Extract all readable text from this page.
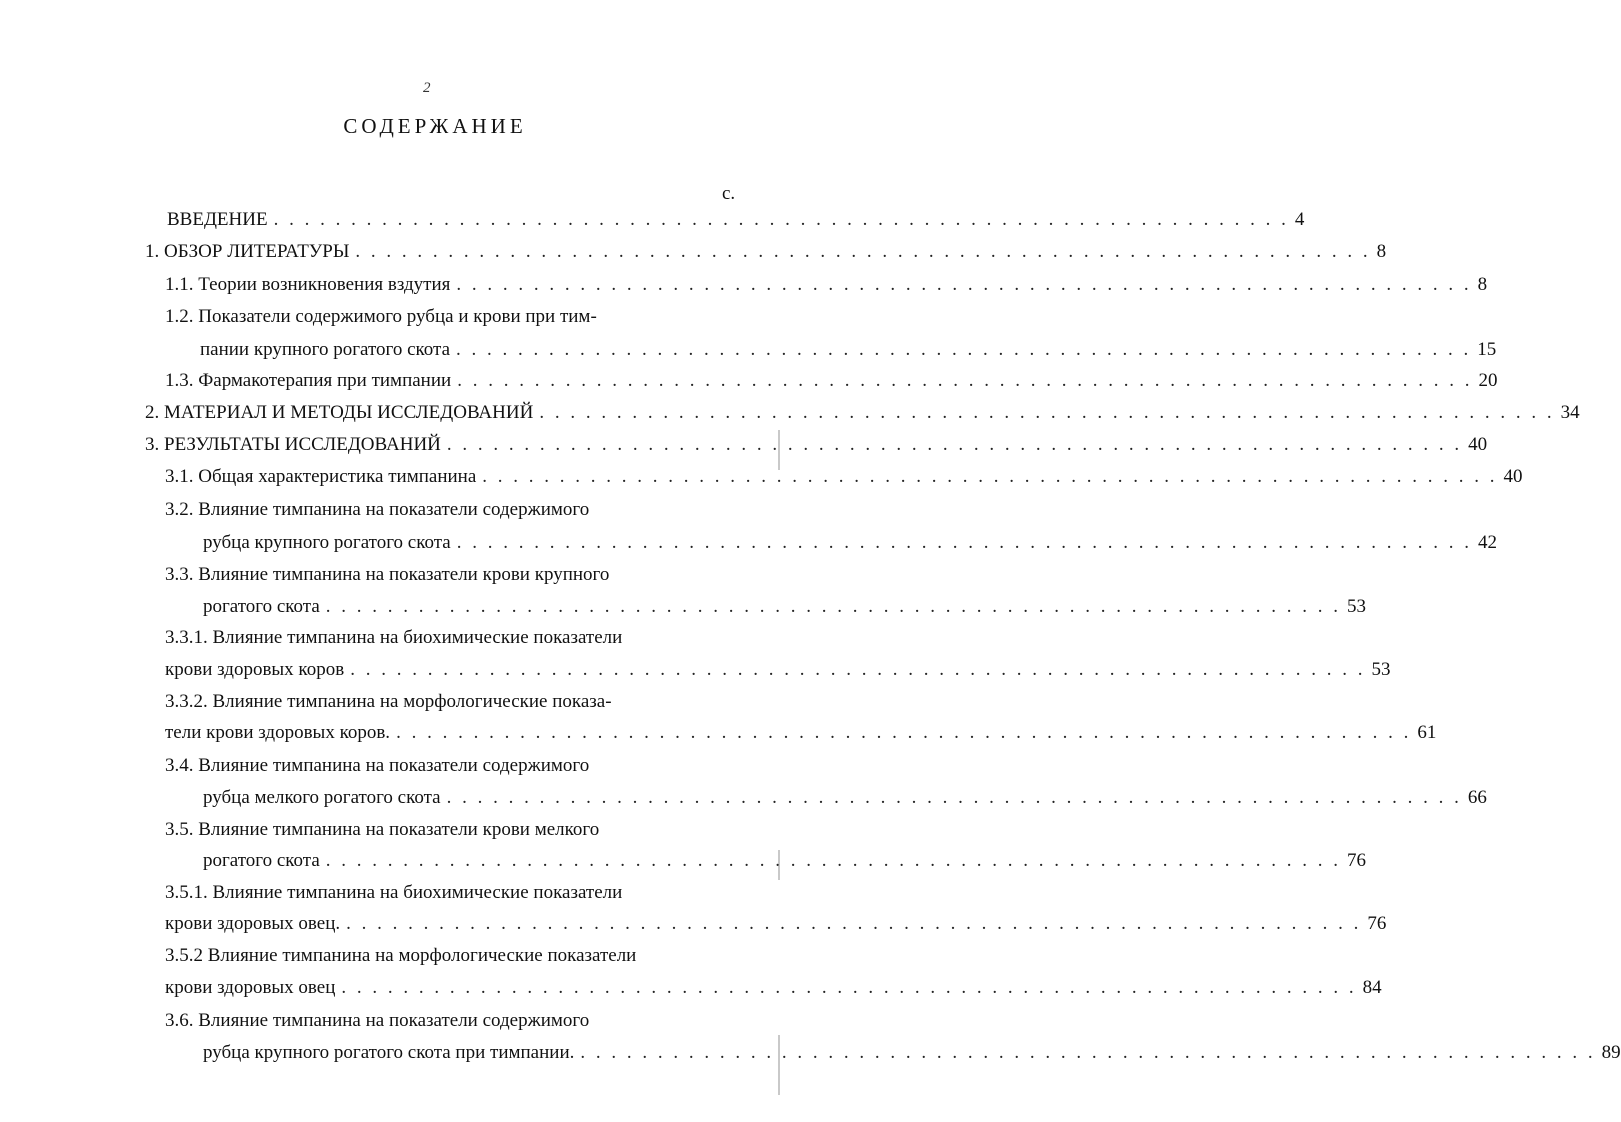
2
СОДЕРЖАНИЕ
с.
ВВЕДЕНИЕ . . . . . . . . . . . . . . . . . . . . . . . . . . . . . . . . . . . . . . . . . . . . . . . . . . . . . . . . . . . . . . . . . . 4
1. ОБЗОР ЛИТЕРАТУРЫ . . . . . . . . . . . . . . . . . . . . . . . . . . . . . . . . . . . . . . . . . . . . . . . . . . . . . . . . . . . . . . . . . . 8
1.1. Теории возникновения вздутия . . . . . . . . . . . . . . . . . . . . . . . . . . . . . . . . . . . . . . . . . . . . . . . . . . . . . . . . . . . . . . . . . . 8
1.2. Показатели содержимого рубца и крови при тим-
пании крупного рогатого скота . . . . . . . . . . . . . . . . . . . . . . . . . . . . . . . . . . . . . . . . . . . . . . . . . . . . . . . . . . . . . . . . . . 15
1.3. Фармакотерапия при тимпании . . . . . . . . . . . . . . . . . . . . . . . . . . . . . . . . . . . . . . . . . . . . . . . . . . . . . . . . . . . . . . . . . . 20
2. МАТЕРИАЛ И МЕТОДЫ ИССЛЕДОВАНИЙ . . . . . . . . . . . . . . . . . . . . . . . . . . . . . . . . . . . . . . . . . . . . . . . . . . . . . . . . . . . . . . . . . . 34
3. РЕЗУЛЬТАТЫ ИССЛЕДОВАНИЙ . . . . . . . . . . . . . . . . . . . . . . . . . . . . . . . . . . . . . . . . . . . . . . . . . . . . . . . . . . . . . . . . . . 40
3.1. Общая характеристика тимпанина . . . . . . . . . . . . . . . . . . . . . . . . . . . . . . . . . . . . . . . . . . . . . . . . . . . . . . . . . . . . . . . . . . 40
3.2. Влияние тимпанина на показатели содержимого
рубца крупного рогатого скота . . . . . . . . . . . . . . . . . . . . . . . . . . . . . . . . . . . . . . . . . . . . . . . . . . . . . . . . . . . . . . . . . . 42
3.3. Влияние тимпанина на показатели крови крупного
рогатого скота . . . . . . . . . . . . . . . . . . . . . . . . . . . . . . . . . . . . . . . . . . . . . . . . . . . . . . . . . . . . . . . . . . 53
3.3.1. Влияние тимпанина на биохимические показатели
крови здоровых коров . . . . . . . . . . . . . . . . . . . . . . . . . . . . . . . . . . . . . . . . . . . . . . . . . . . . . . . . . . . . . . . . . . 53
3.3.2. Влияние тимпанина на морфологические показа-
тели крови здоровых коров. . . . . . . . . . . . . . . . . . . . . . . . . . . . . . . . . . . . . . . . . . . . . . . . . . . . . . . . . . . . . . . . . . . 61
3.4. Влияние тимпанина на показатели содержимого
рубца мелкого рогатого скота . . . . . . . . . . . . . . . . . . . . . . . . . . . . . . . . . . . . . . . . . . . . . . . . . . . . . . . . . . . . . . . . . . 66
3.5. Влияние тимпанина на показатели крови мелкого
рогатого скота . . . . . . . . . . . . . . . . . . . . . . . . . . . . . . . . . . . . . . . . . . . . . . . . . . . . . . . . . . . . . . . . . . 76
3.5.1. Влияние тимпанина на биохимические показатели
крови здоровых овец. . . . . . . . . . . . . . . . . . . . . . . . . . . . . . . . . . . . . . . . . . . . . . . . . . . . . . . . . . . . . . . . . . . 76
3.5.2 Влияние тимпанина на морфологические показатели
крови здоровых овец . . . . . . . . . . . . . . . . . . . . . . . . . . . . . . . . . . . . . . . . . . . . . . . . . . . . . . . . . . . . . . . . . . 84
3.6. Влияние тимпанина на показатели содержимого
рубца крупного рогатого скота при тимпании. . . . . . . . . . . . . . . . . . . . . . . . . . . . . . . . . . . . . . . . . . . . . . . . . . . . . . . . . . . . . . . . . . . 89
